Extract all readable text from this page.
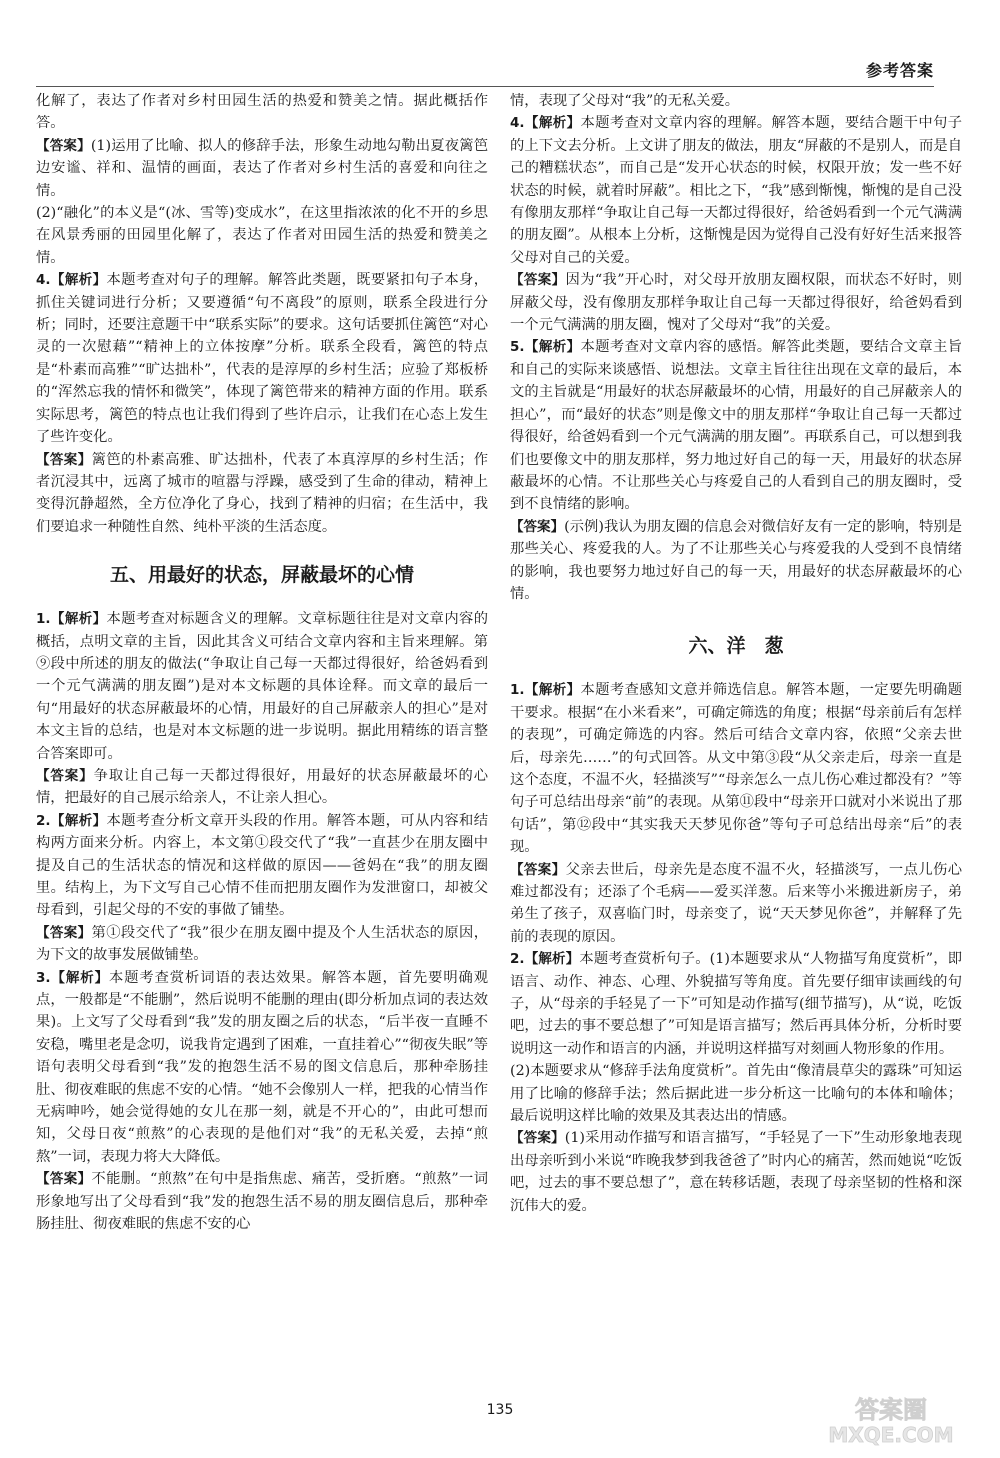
参考答案

化解了，表达了作者对乡村田园生活的热爱和赞美之情。据此概括作答。

【答案】(1)运用了比喻、拟人的修辞手法，形象生动地勾勒出夏夜篱笆边安谧、祥和、温情的画面，表达了作者对乡村生活的喜爱和向往之情。

(2)“融化”的本义是“(冰、雪等)变成水”，在这里指浓浓的化不开的乡思在风景秀丽的田园里化解了，表达了作者对田园生活的热爱和赞美之情。

4.【解析】本题考查对句子的理解。解答此类题，既要紧扣句子本身，抓住关键词进行分析；又要遵循“句不离段”的原则，联系全段进行分析；同时，还要注意题干中“联系实际”的要求。这句话要抓住篱笆“对心灵的一次慰藉”“精神上的立体按摩”分析。联系全段看，篱笆的特点是“朴素而高雅”“旷达拙朴”，代表的是淳厚的乡村生活；应验了郑板桥的“浑然忘我的情怀和微笑”，体现了篱笆带来的精神方面的作用。联系实际思考，篱笆的特点也让我们得到了些许启示，让我们在心态上发生了些许变化。

【答案】篱笆的朴素高雅、旷达拙朴，代表了本真淳厚的乡村生活；作者沉浸其中，远离了城市的喧嚣与浮躁，感受到了生命的律动，精神上变得沉静超然，全方位净化了身心，找到了精神的归宿；在生活中，我们要追求一种随性自然、纯朴平淡的生活态度。

五、用最好的状态，屏蔽最坏的心情

1.【解析】本题考查对标题含义的理解。文章标题往往是对文章内容的概括，点明文章的主旨，因此其含义可结合文章内容和主旨来理解。第⑨段中所述的朋友的做法(“争取让自己每一天都过得很好，给爸妈看到一个元气满满的朋友圈”)是对本文标题的具体诠释。而文章的最后一句“用最好的状态屏蔽最坏的心情，用最好的自己屏蔽亲人的担心”是对本文主旨的总结，也是对本文标题的进一步说明。据此用精练的语言整合答案即可。

【答案】争取让自己每一天都过得很好，用最好的状态屏蔽最坏的心情，把最好的自己展示给亲人，不让亲人担心。

2.【解析】本题考查分析文章开头段的作用。解答本题，可从内容和结构两方面来分析。内容上，本文第①段交代了“我”一直甚少在朋友圈中提及自己的生活状态的情况和这样做的原因——爸妈在“我”的朋友圈里。结构上，为下文写自己心情不佳而把朋友圈作为发泄窗口，却被父母看到，引起父母的不安的事做了铺垫。

【答案】第①段交代了“我”很少在朋友圈中提及个人生活状态的原因，为下文的故事发展做铺垫。

3.【解析】本题考查赏析词语的表达效果。解答本题，首先要明确观点，一般都是“不能删”，然后说明不能删的理由(即分析加点词的表达效果)。上文写了父母看到“我”发的朋友圈之后的状态，“后半夜一直睡不安稳，嘴里老是念叨，说我肯定遇到了困难，一直挂着心”“彻夜失眠”等语句表明父母看到“我”发的抱怨生活不易的图文信息后，那种牵肠挂肚、彻夜难眠的焦虑不安的心情。“她不会像别人一样，把我的心情当作无病呻吟，她会觉得她的女儿在那一刻，就是不开心的”，由此可想而知，父母日夜“煎熬”的心表现的是他们对“我”的无私关爱，去掉“煎熬”一词，表现力将大大降低。

【答案】不能删。“煎熬”在句中是指焦虑、痛苦，受折磨。“煎熬”一词形象地写出了父母看到“我”发的抱怨生活不易的朋友圈信息后，那种牵肠挂肚、彻夜难眠的焦虑不安的心

情，表现了父母对“我”的无私关爱。

4.【解析】本题考查对文章内容的理解。解答本题，要结合题干中句子的上下文去分析。上文讲了朋友的做法，朋友“屏蔽的不是别人，而是自己的糟糕状态”，而自己是“发开心状态的时候，权限开放；发一些不好状态的时候，就着时屏蔽”。相比之下，“我”感到惭愧，惭愧的是自己没有像朋友那样“争取让自己每一天都过得很好，给爸妈看到一个元气满满的朋友圈”。从根本上分析，这惭愧是因为觉得自己没有好好生活来报答父母对自己的关爱。

【答案】因为“我”开心时，对父母开放朋友圈权限，而状态不好时，则屏蔽父母，没有像朋友那样争取让自己每一天都过得很好，给爸妈看到一个元气满满的朋友圈，愧对了父母对“我”的关爱。

5.【解析】本题考查对文章内容的感悟。解答此类题，要结合文章主旨和自己的实际来谈感悟、说想法。文章主旨往往出现在文章的最后，本文的主旨就是“用最好的状态屏蔽最坏的心情，用最好的自己屏蔽亲人的担心”，而“最好的状态”则是像文中的朋友那样“争取让自己每一天都过得很好，给爸妈看到一个元气满满的朋友圈”。再联系自己，可以想到我们也要像文中的朋友那样，努力地过好自己的每一天，用最好的状态屏蔽最坏的心情。不让那些关心与疼爱自己的人看到自己的朋友圈时，受到不良情绪的影响。

【答案】(示例)我认为朋友圈的信息会对微信好友有一定的影响，特别是那些关心、疼爱我的人。为了不让那些关心与疼爱我的人受到不良情绪的影响，我也要努力地过好自己的每一天，用最好的状态屏蔽最坏的心情。

六、洋　葱

1.【解析】本题考查感知文意并筛选信息。解答本题，一定要先明确题干要求。根据“在小米看来”，可确定筛选的角度；根据“母亲前后有怎样的表现”，可确定筛选的内容。然后可结合文章内容，依照“父亲去世后，母亲先……”的句式回答。从文中第③段“从父亲走后，母亲一直是这个态度，不温不火，轻描淡写”“母亲怎么一点儿伤心难过都没有？”等句子可总结出母亲“前”的表现。从第⑪段中“母亲开口就对小米说出了那句话”，第⑫段中“其实我天天梦见你爸”等句子可总结出母亲“后”的表现。

【答案】父亲去世后，母亲先是态度不温不火，轻描淡写，一点儿伤心难过都没有；还添了个毛病——爱买洋葱。后来等小米搬进新房子，弟弟生了孩子，双喜临门时，母亲变了，说“天天梦见你爸”，并解释了先前的表现的原因。

2.【解析】本题考查赏析句子。(1)本题要求从“人物描写角度赏析”，即语言、动作、神态、心理、外貌描写等角度。首先要仔细审读画线的句子，从“母亲的手轻晃了一下”可知是动作描写(细节描写)，从“说，吃饭吧，过去的事不要总想了”可知是语言描写；然后再具体分析，分析时要说明这一动作和语言的内涵，并说明这样描写对刻画人物形象的作用。

(2)本题要求从“修辞手法角度赏析”。首先由“像清晨草尖的露珠”可知运用了比喻的修辞手法；然后据此进一步分析这一比喻句的本体和喻体；最后说明这样比喻的效果及其表达出的情感。

【答案】(1)采用动作描写和语言描写，“手轻晃了一下”生动形象地表现出母亲听到小米说“昨晚我梦到我爸爸了”时内心的痛苦，然而她说“吃饭吧，过去的事不要总想了”，意在转移话题，表现了母亲坚韧的性格和深沉伟大的爱。

135	答案圈
MXQE.COM
